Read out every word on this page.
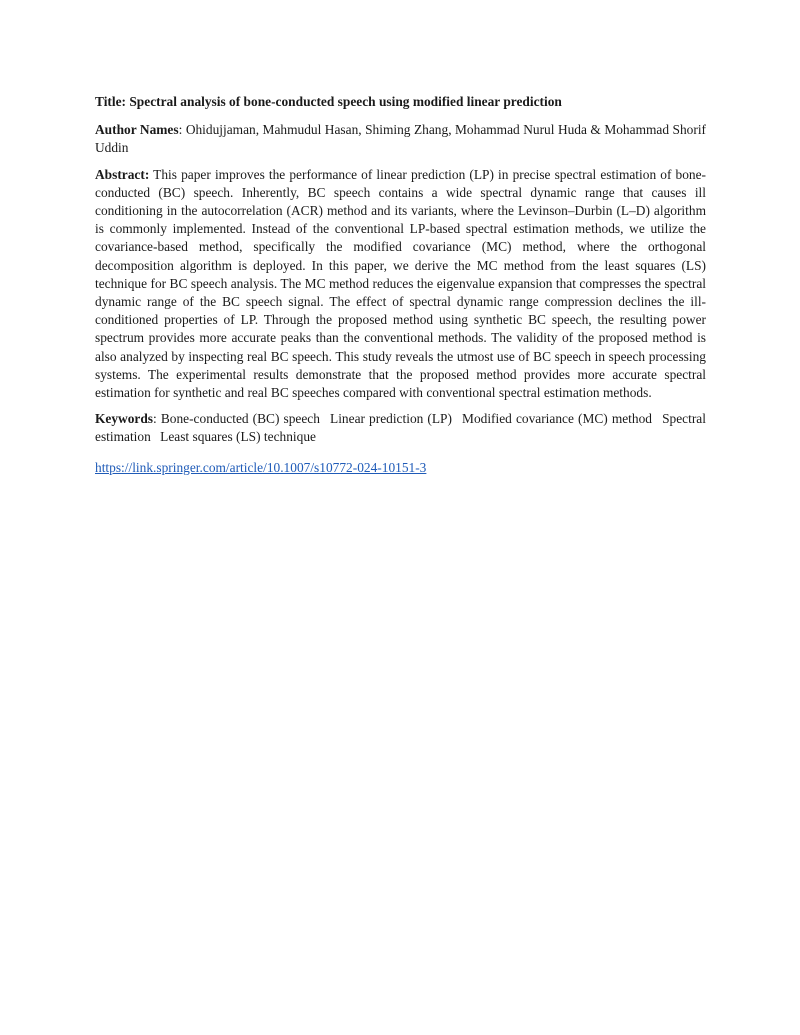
Title: Spectral analysis of bone-conducted speech using modified linear prediction

Author Names: Ohidujjaman, Mahmudul Hasan, Shiming Zhang, Mohammad Nurul Huda & Mohammad Shorif Uddin

Abstract: This paper improves the performance of linear prediction (LP) in precise spectral estimation of bone-conducted (BC) speech. Inherently, BC speech contains a wide spectral dynamic range that causes ill conditioning in the autocorrelation (ACR) method and its variants, where the Levinson–Durbin (L–D) algorithm is commonly implemented. Instead of the conventional LP-based spectral estimation methods, we utilize the covariance-based method, specifically the modified covariance (MC) method, where the orthogonal decomposition algorithm is deployed. In this paper, we derive the MC method from the least squares (LS) technique for BC speech analysis. The MC method reduces the eigenvalue expansion that compresses the spectral dynamic range of the BC speech signal. The effect of spectral dynamic range compression declines the ill-conditioned properties of LP. Through the proposed method using synthetic BC speech, the resulting power spectrum provides more accurate peaks than the conventional methods. The validity of the proposed method is also analyzed by inspecting real BC speech. This study reveals the utmost use of BC speech in speech processing systems. The experimental results demonstrate that the proposed method provides more accurate spectral estimation for synthetic and real BC speeches compared with conventional spectral estimation methods.

Keywords: Bone-conducted (BC) speech Linear prediction (LP) Modified covariance (MC) method Spectral estimation Least squares (LS) technique

https://link.springer.com/article/10.1007/s10772-024-10151-3
